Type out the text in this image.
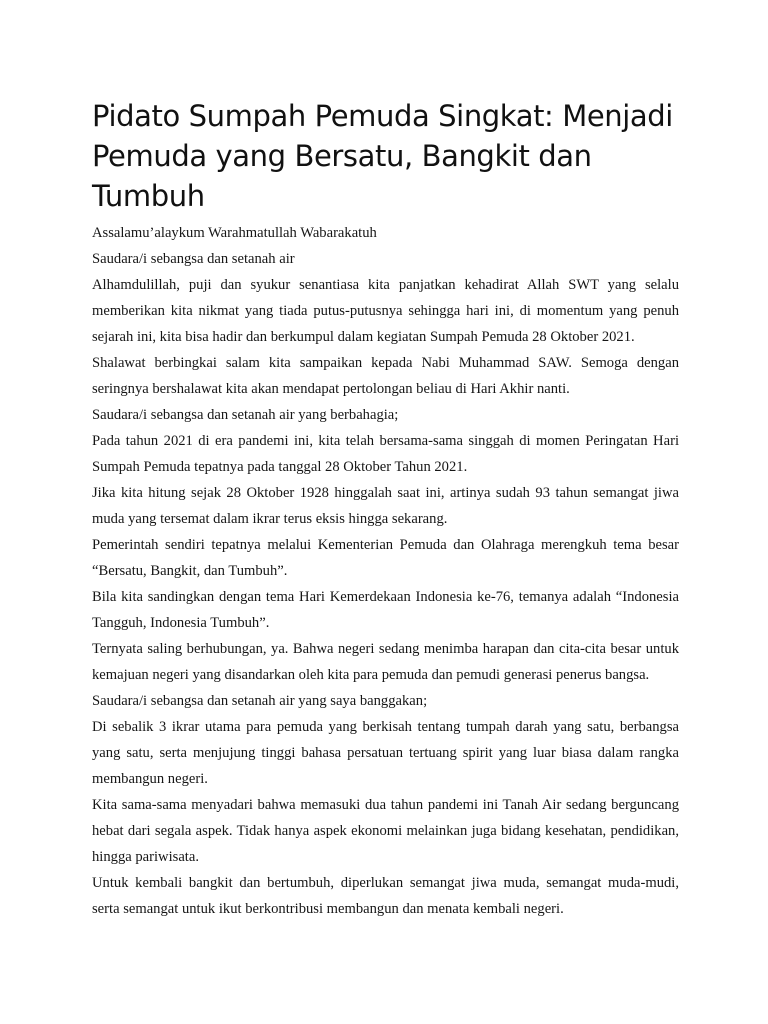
Pidato Sumpah Pemuda Singkat: Menjadi Pemuda yang Bersatu, Bangkit dan Tumbuh

Assalamu’alaykum Warahmatullah Wabarakatuh

Saudara/i sebangsa dan setanah air

Alhamdulillah, puji dan syukur senantiasa kita panjatkan kehadirat Allah SWT yang selalu memberikan kita nikmat yang tiada putus-putusnya sehingga hari ini, di momentum yang penuh sejarah ini, kita bisa hadir dan berkumpul dalam kegiatan Sumpah Pemuda 28 Oktober 2021.

Shalawat berbingkai salam kita sampaikan kepada Nabi Muhammad SAW. Semoga dengan seringnya bershalawat kita akan mendapat pertolongan beliau di Hari Akhir nanti.

Saudara/i sebangsa dan setanah air yang berbahagia;

Pada tahun 2021 di era pandemi ini, kita telah bersama-sama singgah di momen Peringatan Hari Sumpah Pemuda tepatnya pada tanggal 28 Oktober Tahun 2021.

Jika kita hitung sejak 28 Oktober 1928 hinggalah saat ini, artinya sudah 93 tahun semangat jiwa muda yang tersemat dalam ikrar terus eksis hingga sekarang.

Pemerintah sendiri tepatnya melalui Kementerian Pemuda dan Olahraga merengkuh tema besar “Bersatu, Bangkit, dan Tumbuh”.

Bila kita sandingkan dengan tema Hari Kemerdekaan Indonesia ke-76, temanya adalah “Indonesia Tangguh, Indonesia Tumbuh”.

Ternyata saling berhubungan, ya. Bahwa negeri sedang menimba harapan dan cita-cita besar untuk kemajuan negeri yang disandarkan oleh kita para pemuda dan pemudi generasi penerus bangsa.

Saudara/i sebangsa dan setanah air yang saya banggakan;

Di sebalik 3 ikrar utama para pemuda yang berkisah tentang tumpah darah yang satu, berbangsa yang satu, serta menjujung tinggi bahasa persatuan tertuang spirit yang luar biasa dalam rangka membangun negeri.

Kita sama-sama menyadari bahwa memasuki dua tahun pandemi ini Tanah Air sedang berguncang hebat dari segala aspek. Tidak hanya aspek ekonomi melainkan juga bidang kesehatan, pendidikan, hingga pariwisata.

Untuk kembali bangkit dan bertumbuh, diperlukan semangat jiwa muda, semangat muda-mudi, serta semangat untuk ikut berkontribusi membangun dan menata kembali negeri.
